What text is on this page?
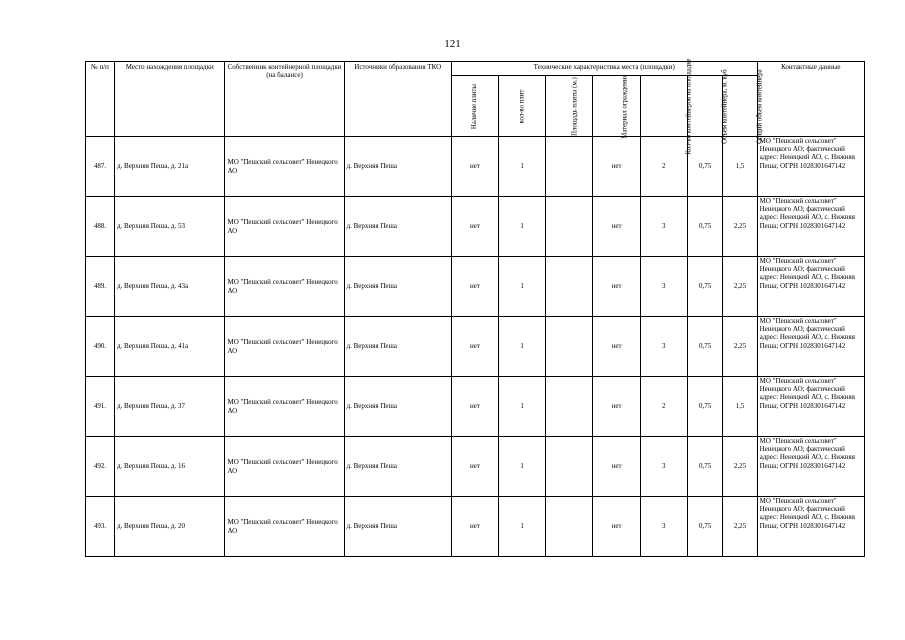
121
№ п/п	Место нахождения площадки	Собственник контейнерной площадки (на балансе)	Источники образования ТКО	Технические характеристика места (площадки)							Контактные данные
				Наличие плиты	кол-во плит	Площадь плиты (м.)	Материал ограждения	Кол-во контейнеров на площадке	Объем контейнера, м. куб	Общий объем контейнера	
487.	д. Верхняя Пеша, д. 21а	МО "Пешский сельсовет" Ненецкого АО	д. Верхняя Пеша	нет	1		нет	2	0,75	1,5	МО "Пешский сельсовет" Ненецкого АО; фактический адрес: Ненецкий АО, с. Нижняя Пеша; ОГРН 1028301647142
488.	д. Верхняя Пеша, д. 53	МО "Пешский сельсовет" Ненецкого АО	д. Верхняя Пеша	нет	1		нет	3	0,75	2,25	МО "Пешский сельсовет" Ненецкого АО; фактический адрес: Ненецкий АО, с. Нижняя Пеша; ОГРН 1028301647142
489.	д. Верхняя Пеша, д. 43а	МО "Пешский сельсовет" Ненецкого АО	д. Верхняя Пеша	нет	1		нет	3	0,75	2,25	МО "Пешский сельсовет" Ненецкого АО; фактический адрес: Ненецкий АО, с. Нижняя Пеша; ОГРН 1028301647142
490.	д. Верхняя Пеша, д. 41а	МО "Пешский сельсовет" Ненецкого АО	д. Верхняя Пеша	нет	1		нет	3	0,75	2,25	МО "Пешский сельсовет" Ненецкого АО; фактический адрес: Ненецкий АО, с. Нижняя Пеша; ОГРН 1028301647142
491.	д. Верхняя Пеша, д. 37	МО "Пешский сельсовет" Ненецкого АО	д. Верхняя Пеша	нет	1		нет	2	0,75	1,5	МО "Пешский сельсовет" Ненецкого АО; фактический адрес: Ненецкий АО, с. Нижняя Пеша; ОГРН 1028301647142
492.	д. Верхняя Пеша, д. 16	МО "Пешский сельсовет" Ненецкого АО	д. Верхняя Пеша	нет	1		нет	3	0,75	2,25	МО "Пешский сельсовет" Ненецкого АО; фактический адрес: Ненецкий АО, с. Нижняя Пеша; ОГРН 1028301647142
493.	д. Верхняя Пеша, д. 20	МО "Пешский сельсовет" Ненецкого АО	д. Верхняя Пеша	нет	1		нет	3	0,75	2,25	МО "Пешский сельсовет" Ненецкого АО; фактический адрес: Ненецкий АО, с. Нижняя Пеша; ОГРН 1028301647142
